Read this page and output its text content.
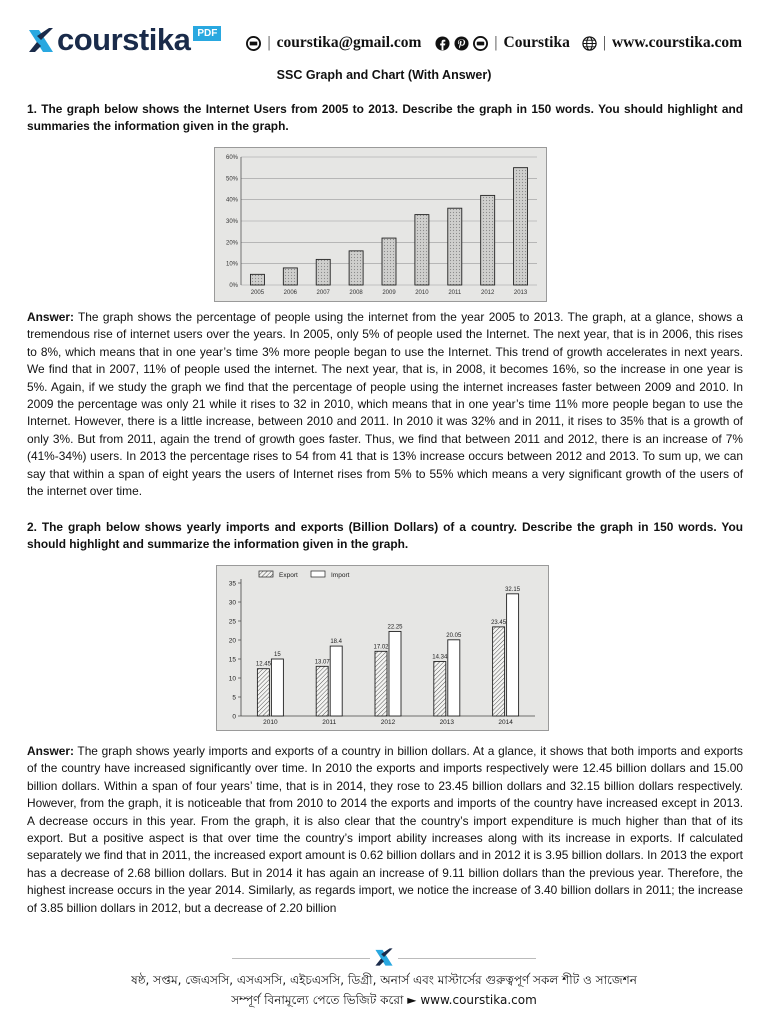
courstika PDF
| courstika@gmail.com	| Courstika | www.courstika.com
SSC Graph and Chart (With Answer)
1. The graph below shows the Internet Users from 2005 to 2013. Describe the graph in 150 words. You should highlight and summaries the information given in the graph.
0%
10%
20%
30%
40%
50%
60%
2005	2006	2007	2008	2009	2010	2011	2012	2013
Answer: The graph shows the percentage of people using the internet from the year 2005 to 2013. The graph, at a glance, shows a tremendous rise of internet users over the years. In 2005, only 5% of people used the Internet. The next year, that is in 2006, this rises to 8%, which means that in one year’s time 3% more people began to use the Internet. This trend of growth accelerates in next years. We find that in 2007, 11% of people used the internet. The next year, that is, in 2008, it becomes 16%, so the increase in one year is 5%. Again, if we study the graph we find that the percentage of people using the internet increases faster between 2009 and 2010. In 2009 the percentage was only 21 while it rises to 32 in 2010, which means that in one year’s time 11% more people began to use the Internet. However, there is a little increase, between 2010 and 2011. In 2010 it was 32% and in 2011, it rises to 35% that is a growth of only 3%. But from 2011, again the trend of growth goes faster. Thus, we find that between 2011 and 2012, there is an increase of 7% (41%-34%) users. In 2013 the percentage rises to 54 from 41 that is 13% increase occurs between 2012 and 2013. To sum up, we can say that within a span of eight years the users of Internet rises from 5% to 55% which means a very significant growth of the users of the internet over time.
2. The graph below shows yearly imports and exports (Billion Dollars) of a country. Describe the graph in 150 words. You should highlight and summarize the information given in the graph.
0
5
10
15
20
25
30
35
Export	Import
12.45
15
2010
13.07
18.4
2011
17.02
22.25
2012
14.34
20.05
2013
23.45
32.15
2014
Answer: The graph shows yearly imports and exports of a country in billion dollars. At a glance, it shows that both imports and exports of the country have increased significantly over time. In 2010 the exports and imports respectively were 12.45 billion dollars and 15.00 billion dollars. Within a span of four years’ time, that is in 2014, they rose to 23.45 billion dollars and 32.15 billion dollars respectively. However, from the graph, it is noticeable that from 2010 to 2014 the exports and imports of the country have increased except in 2013. A decrease occurs in this year. From the graph, it is also clear that the country’s import expenditure is much higher than that of its export. But a positive aspect is that over time the country’s import ability increases along with its increase in exports. If calculated separately we find that in 2011, the increased export amount is 0.62 billion dollars and in 2012 it is 3.95 billion dollars. In 2013 the export has a decrease of 2.68 billion dollars. But in 2014 it has again an increase of 9.11 billion dollars than the previous year. Therefore, the highest increase occurs in the year 2014. Similarly, as regards import, we notice the increase of 3.40 billion dollars in 2011; the increase of 3.85 billion dollars in 2012, but a decrease of 2.20 billion
ষষ্ঠ, সপ্তম, জেএসসি, এসএসসি, এইচএসসি, ডিগ্রী, অনার্স এবং মাস্টার্সের গুরুত্বপূর্ণ সকল শীট ও সাজেশন
সম্পূর্ণ বিনামূল্যে পেতে ভিজিট করো ► www.courstika.com
